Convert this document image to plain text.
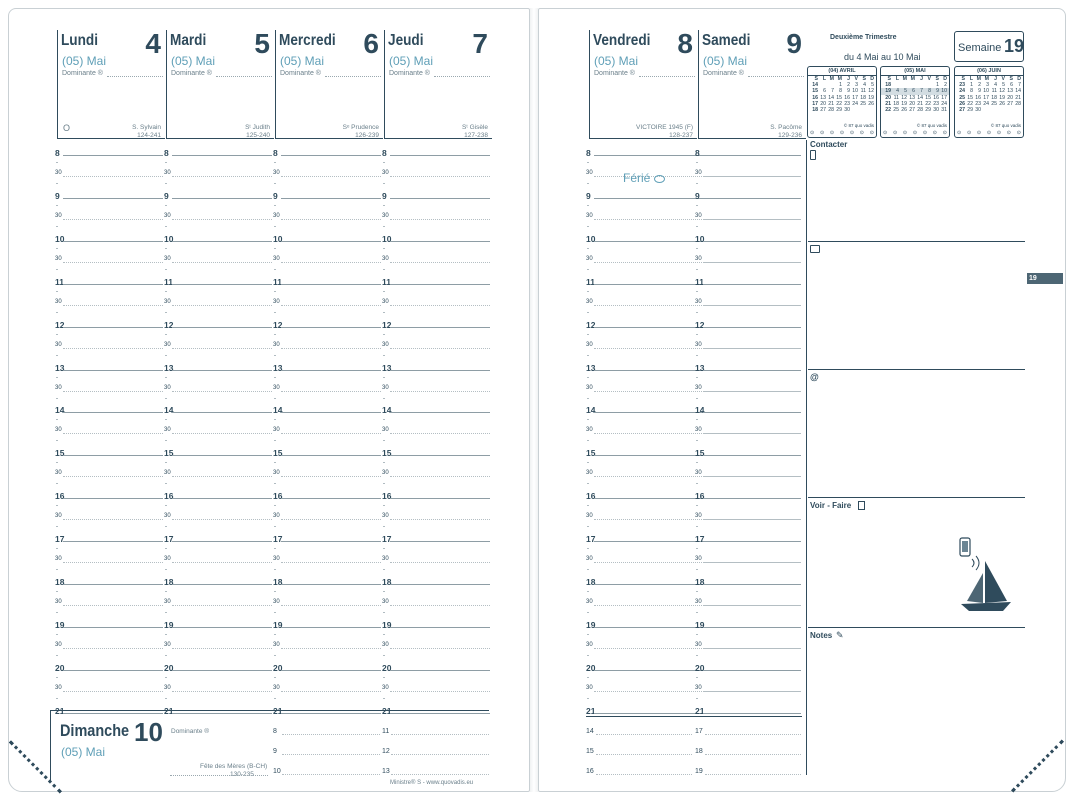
Lundi 4
(05) Mai
Dominante ®
S. Sylvain
124-241
O
Mardi 5
(05) Mai
Dominante ®
Sᵗ Judith
125-240
Mercredi 6
(05) Mai
Dominante ®
Sᵉ Prudence
126-239
Jeudi 7
(05) Mai
Dominante ®
Sᵗ Gisèle
127-238
Vendredi 8
(05) Mai
Dominante ®
VICTOIRE 1945 (F)
128-237
Samedi 9
(05) Mai
Dominante ®
S. Pacôme
129-236
8
-
30
-
9
-
30
-
10
-
30
-
11
-
30
-
12
-
30
-
13
-
30
-
14
-
30
-
15
-
30
-
16
-
30
-
17
-
30
-
18
-
30
-
19
-
30
-
20
-
30
-
21
8
-
30
-
9
-
30
-
10
-
30
-
11
-
30
-
12
-
30
-
13
-
30
-
14
-
30
-
15
-
30
-
16
-
30
-
17
-
30
-
18
-
30
-
19
-
30
-
20
-
30
-
21
8
-
30
-
9
-
30
-
10
-
30
-
11
-
30
-
12
-
30
-
13
-
30
-
14
-
30
-
15
-
30
-
16
-
30
-
17
-
30
-
18
-
30
-
19
-
30
-
20
-
30
-
21
8
-
30
-
9
-
30
-
10
-
30
-
11
-
30
-
12
-
30
-
13
-
30
-
14
-
30
-
15
-
30
-
16
-
30
-
17
-
30
-
18
-
30
-
19
-
30
-
20
-
30
-
21
8
-
30
-
9
-
30
-
10
-
30
-
11
-
30
-
12
-
30
-
13
-
30
-
14
-
30
-
15
-
30
-
16
-
30
-
17
-
30
-
18
-
30
-
19
-
30
-
20
-
30
-
21
8
-
30
-
9
-
30
-
10
-
30
-
11
-
30
-
12
-
30
-
13
-
30
-
14
-
30
-
15
-
30
-
16
-
30
-
17
-
30
-
18
-
30
-
19
-
30
-
20
-
30
-
21
Dimanche 10
(05) Mai
Dominante ®
Fête des Mères (B-CH)
130-235
8
9
10
11
12
13
Ministre® S - www.quovadis.eu
Deuxième Trimestre
du 4 Mai au 10 Mai
Semaine 19
(04) AVRIL
S L M M J V S D
14	1 2 3 4 5
15 6 7 8 9 10 11 12
16 13 14 15 16 17 18 19
17 20 21 22 23 24 25 26
18 27 28 29 30
© 87 quo vadis
⊙ ⊙ ⊙ ⊙ ⊙ ⊙ ⊙
(05) MAI
S L M M J V S D
18	1 2
19 4 5 6 7 8 9 10
20 11 12 13 14 15 16 17
21 18 19 20 21 22 23 24
22 25 26 27 28 29 30 31
© 87 quo vadis
⊙ ⊙ ⊙ ⊙ ⊙ ⊙ ⊙
(06) JUIN
S L M M J V S D
23 1 2 3 4 5 6 7
24 8 9 10 11 12 13 14
25 15 16 17 18 19 20 21
26 22 23 24 25 26 27 28
27 29 30
© 87 quo vadis
⊙ ⊙ ⊙ ⊙ ⊙ ⊙ ⊙
19
Contacter
@
Voir - Faire
Notes ✎
14
15
16
17
18
19
Férié
